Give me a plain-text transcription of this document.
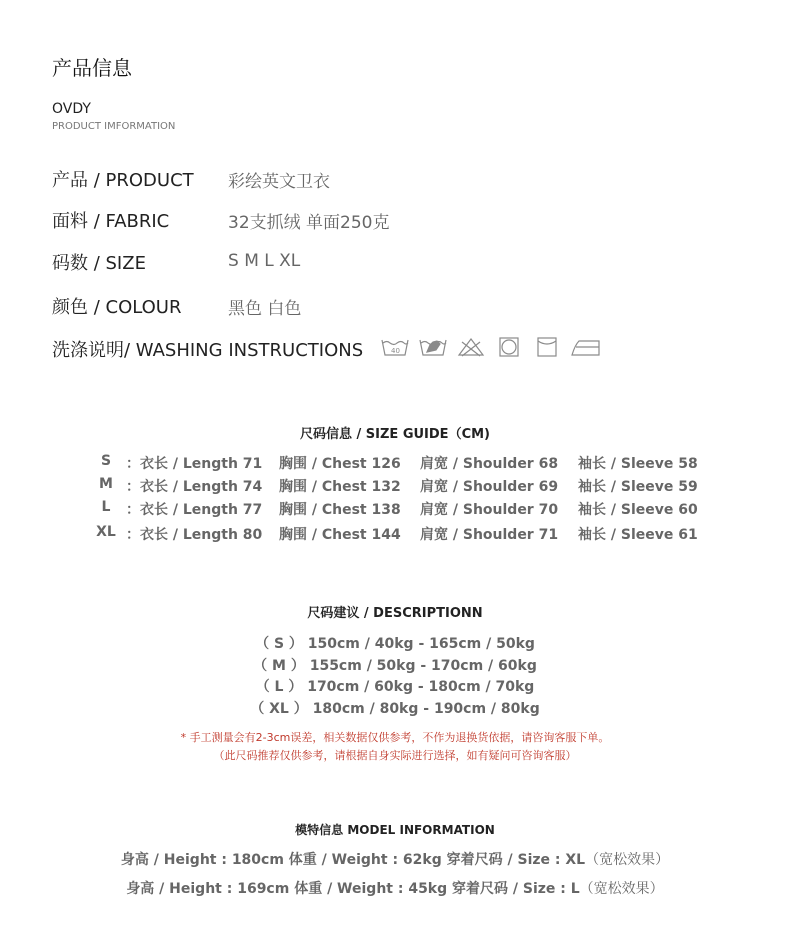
产品信息
OVDY
PRODUCT IMFORMATION
产品 / PRODUCT 彩绘英文卫衣
面料 / FABRIC	32支抓绒 单面250克
码数 / SIZE	S M L XL
颜色 / COLOUR	黑色 白色
洗涤说明/ WASHING INSTRUCTIONS	40
尺码信息 / SIZE GUIDE（CM)
S	：衣长 / Length 71 胸围 / Chest 126 肩宽 / Shoulder 68 袖长 / Sleeve 58
M ：衣长 / Length 74 胸围 / Chest 132 肩宽 / Shoulder 69 袖长 / Sleeve 59
L	：衣长 / Length 77 胸围 / Chest 138 肩宽 / Shoulder 70 袖长 / Sleeve 60
XL ：衣长 / Length 80 胸围 / Chest 144 肩宽 / Shoulder 71 袖长 / Sleeve 61
尺码建议 / DESCRIPTIONN
（ S ） 150cm / 40kg - 165cm / 50kg
（ M ） 155cm / 50kg - 170cm / 60kg
（ L ） 170cm / 60kg - 180cm / 70kg
（ XL ） 180cm / 80kg - 190cm / 80kg
* 手工测量会有2-3cm误差，相关数据仅供参考，不作为退换货依据，请咨询客服下单。
（此尺码推荐仅供参考，请根据自身实际进行选择，如有疑问可咨询客服）
模特信息 MODEL INFORMATION
身高 / Height : 180cm 体重 / Weight : 62kg 穿着尺码 / Size : XL（宽松效果）
身高 / Height : 169cm 体重 / Weight : 45kg 穿着尺码 / Size : L（宽松效果）
